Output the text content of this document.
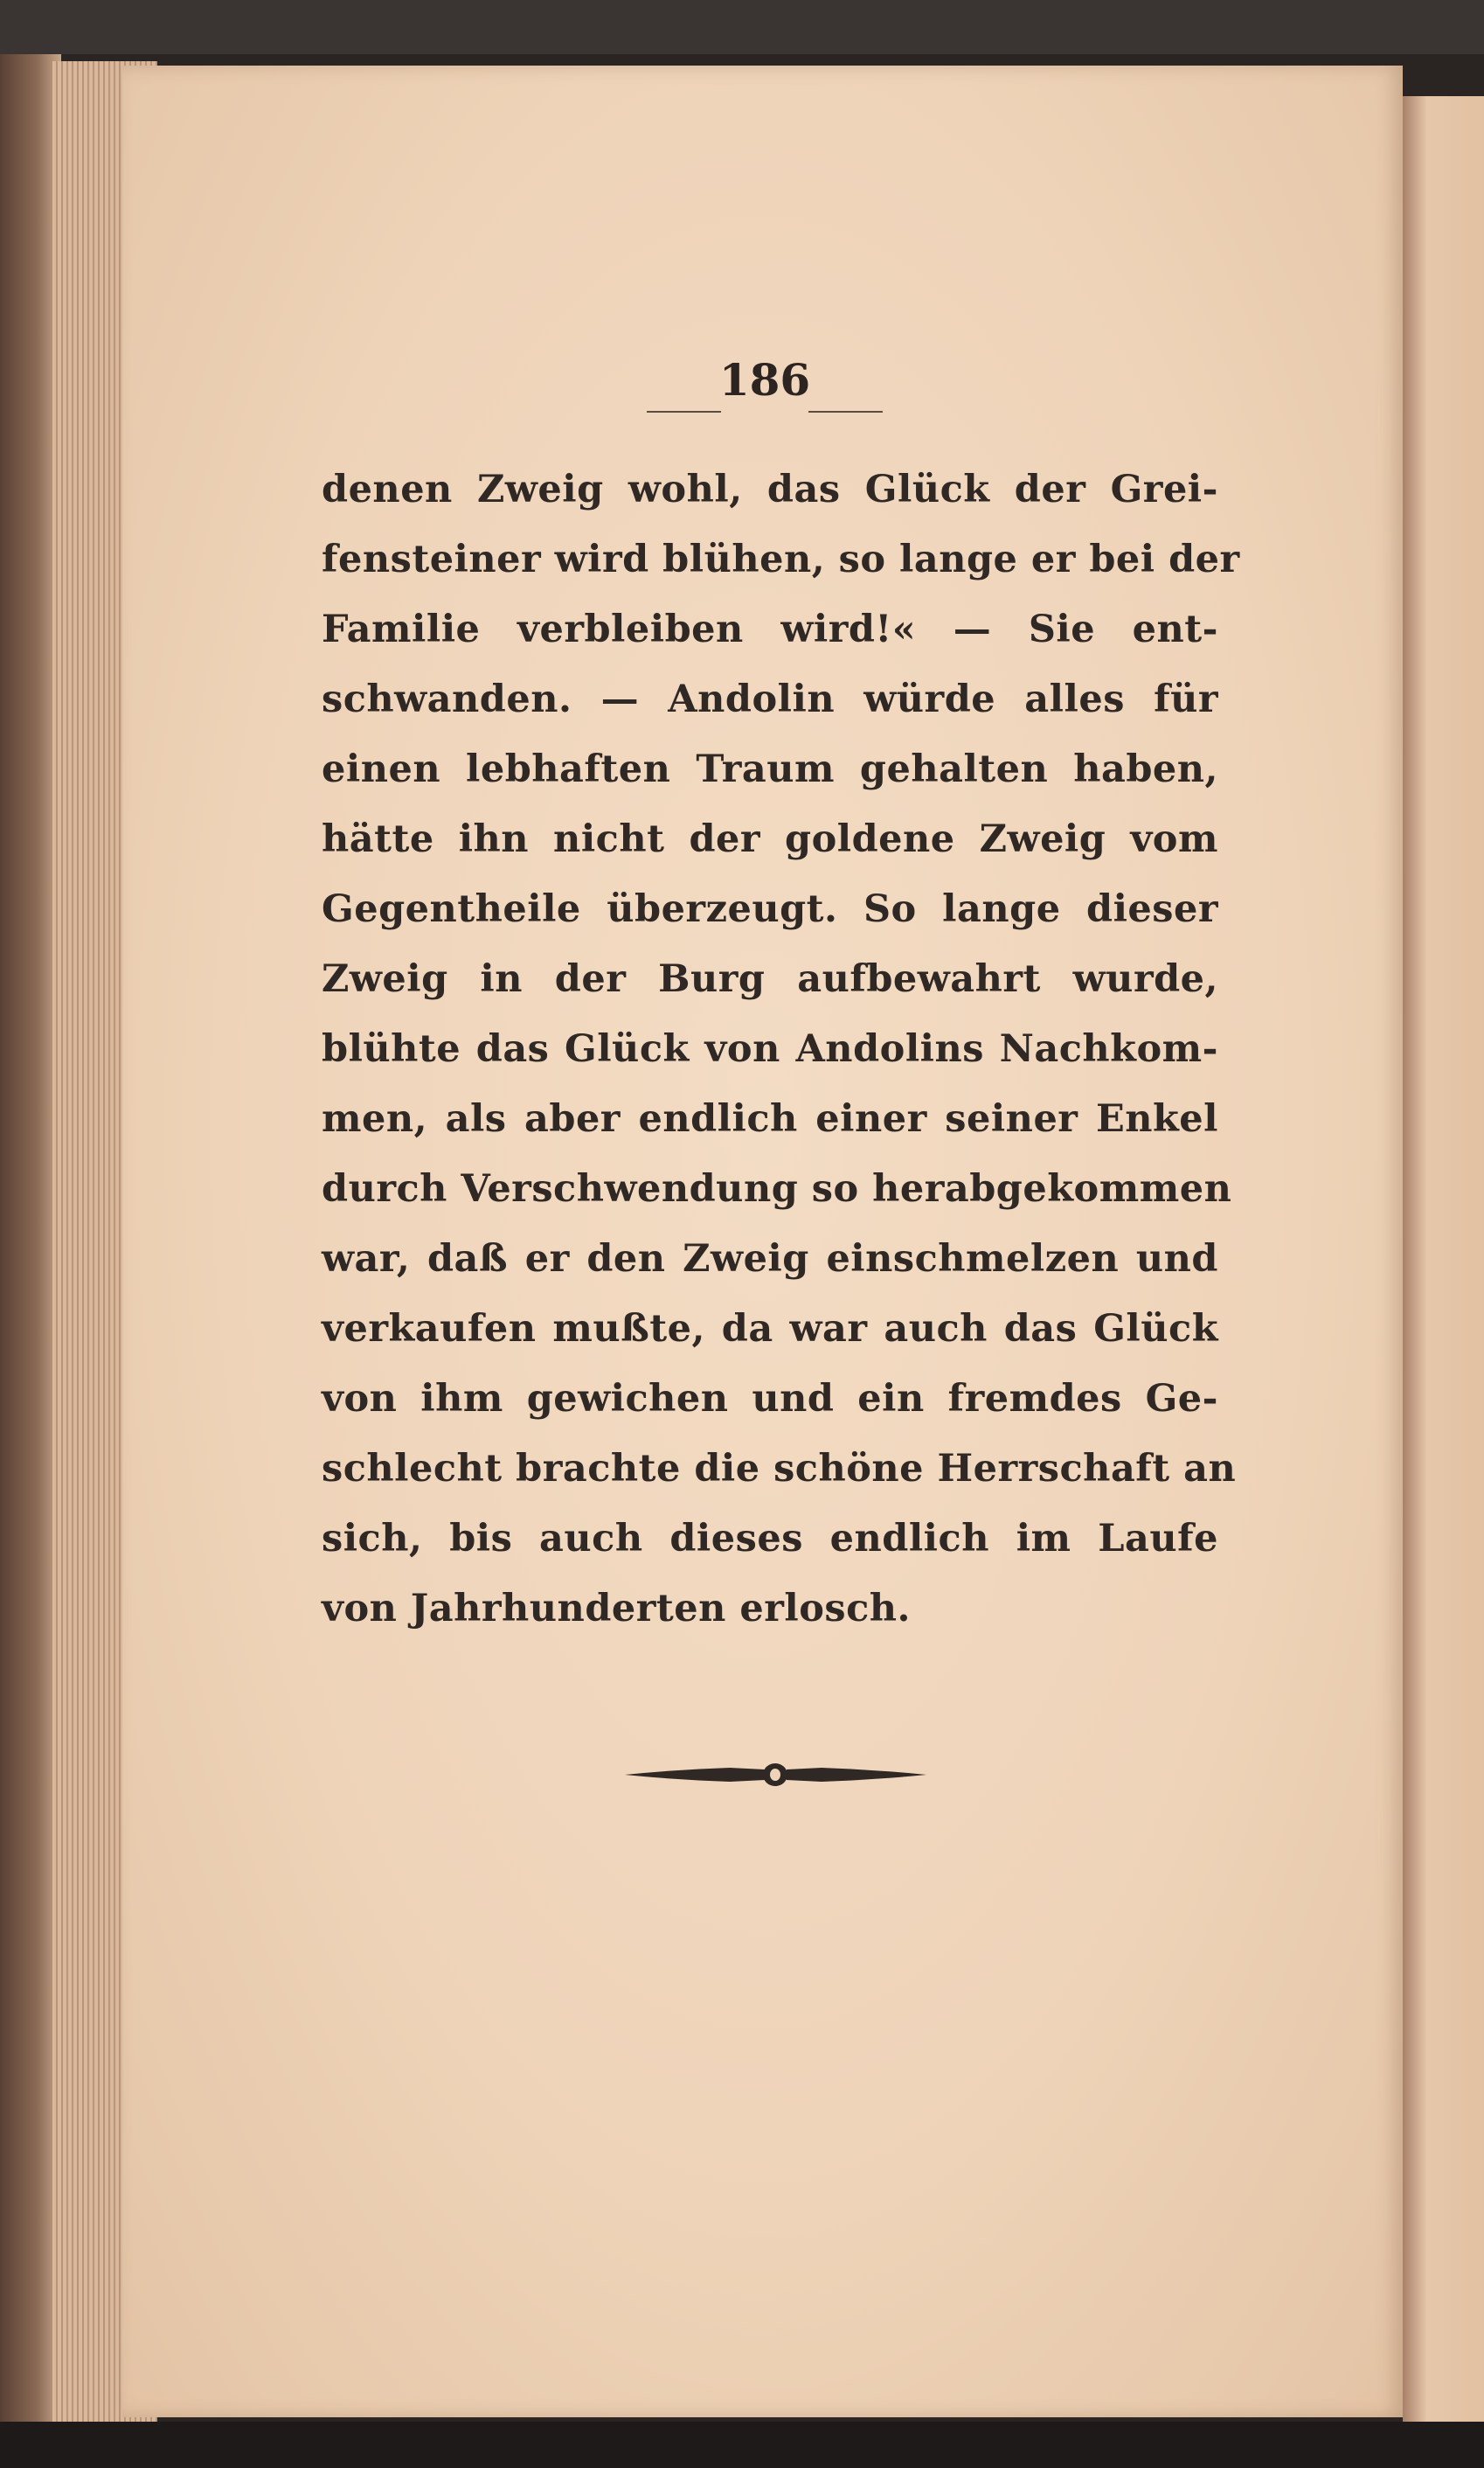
186
denen Zweig wohl, das Glück der Grei-
fensteiner wird blühen, so lange er bei der
Familie verbleiben wird!« — Sie ent-
schwanden. — Andolin würde alles für
einen lebhaften Traum gehalten haben,
hätte ihn nicht der goldene Zweig vom
Gegentheile überzeugt. So lange dieser
Zweig in der Burg aufbewahrt wurde,
blühte das Glück von Andolins Nachkom-
men, als aber endlich einer seiner Enkel
durch Verschwendung so herabgekommen
war, daß er den Zweig einschmelzen und
verkaufen mußte, da war auch das Glück
von ihm gewichen und ein fremdes Ge-
schlecht brachte die schöne Herrschaft an
sich, bis auch dieses endlich im Laufe
von Jahrhunderten erlosch.
